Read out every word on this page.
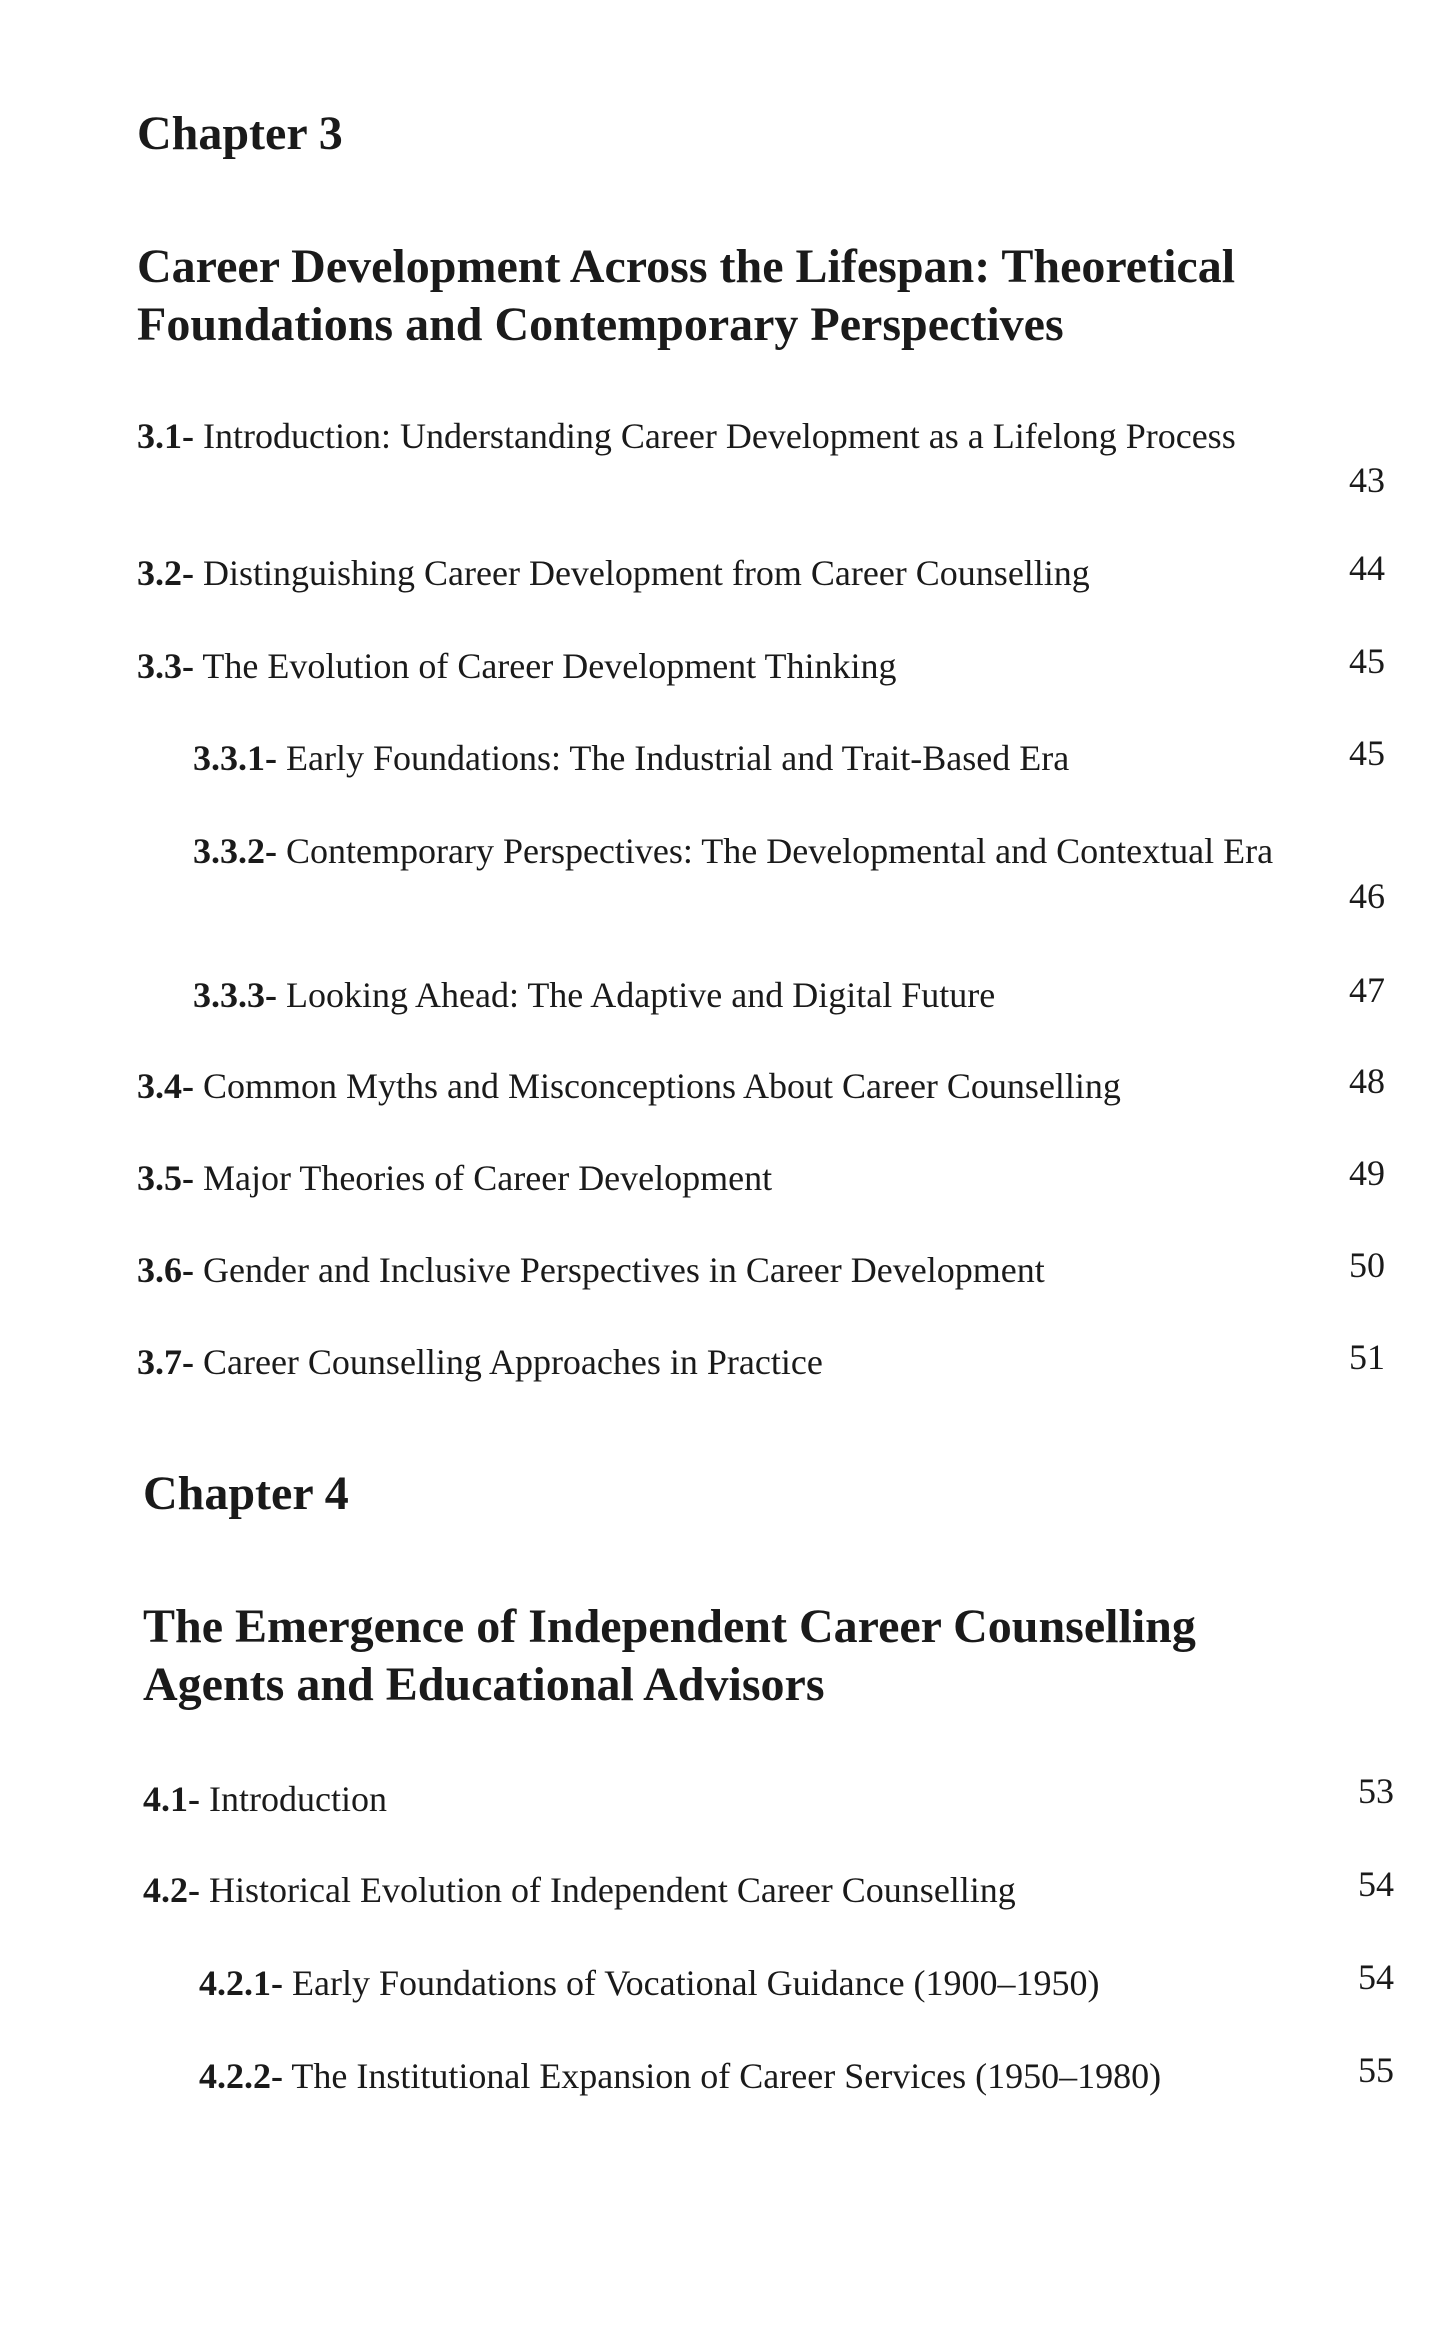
Chapter 3
Career Development Across the Lifespan: Theoretical
Foundations and Contemporary Perspectives
3.1- Introduction: Understanding Career Development as a Lifelong Process
43
3.2- Distinguishing Career Development from Career Counselling	44
3.3- The Evolution of Career Development Thinking	45
3.3.1- Early Foundations: The Industrial and Trait-Based Era	45
3.3.2- Contemporary Perspectives: The Developmental and Contextual Era
46
3.3.3- Looking Ahead: The Adaptive and Digital Future	47
3.4- Common Myths and Misconceptions About Career Counselling	48
3.5- Major Theories of Career Development	49
3.6- Gender and Inclusive Perspectives in Career Development	50
3.7- Career Counselling Approaches in Practice	51
Chapter 4
The Emergence of Independent Career Counselling
Agents and Educational Advisors
4.1- Introduction	53
4.2- Historical Evolution of Independent Career Counselling	54
4.2.1- Early Foundations of Vocational Guidance (1900–1950)	54
4.2.2- The Institutional Expansion of Career Services (1950–1980)	55
